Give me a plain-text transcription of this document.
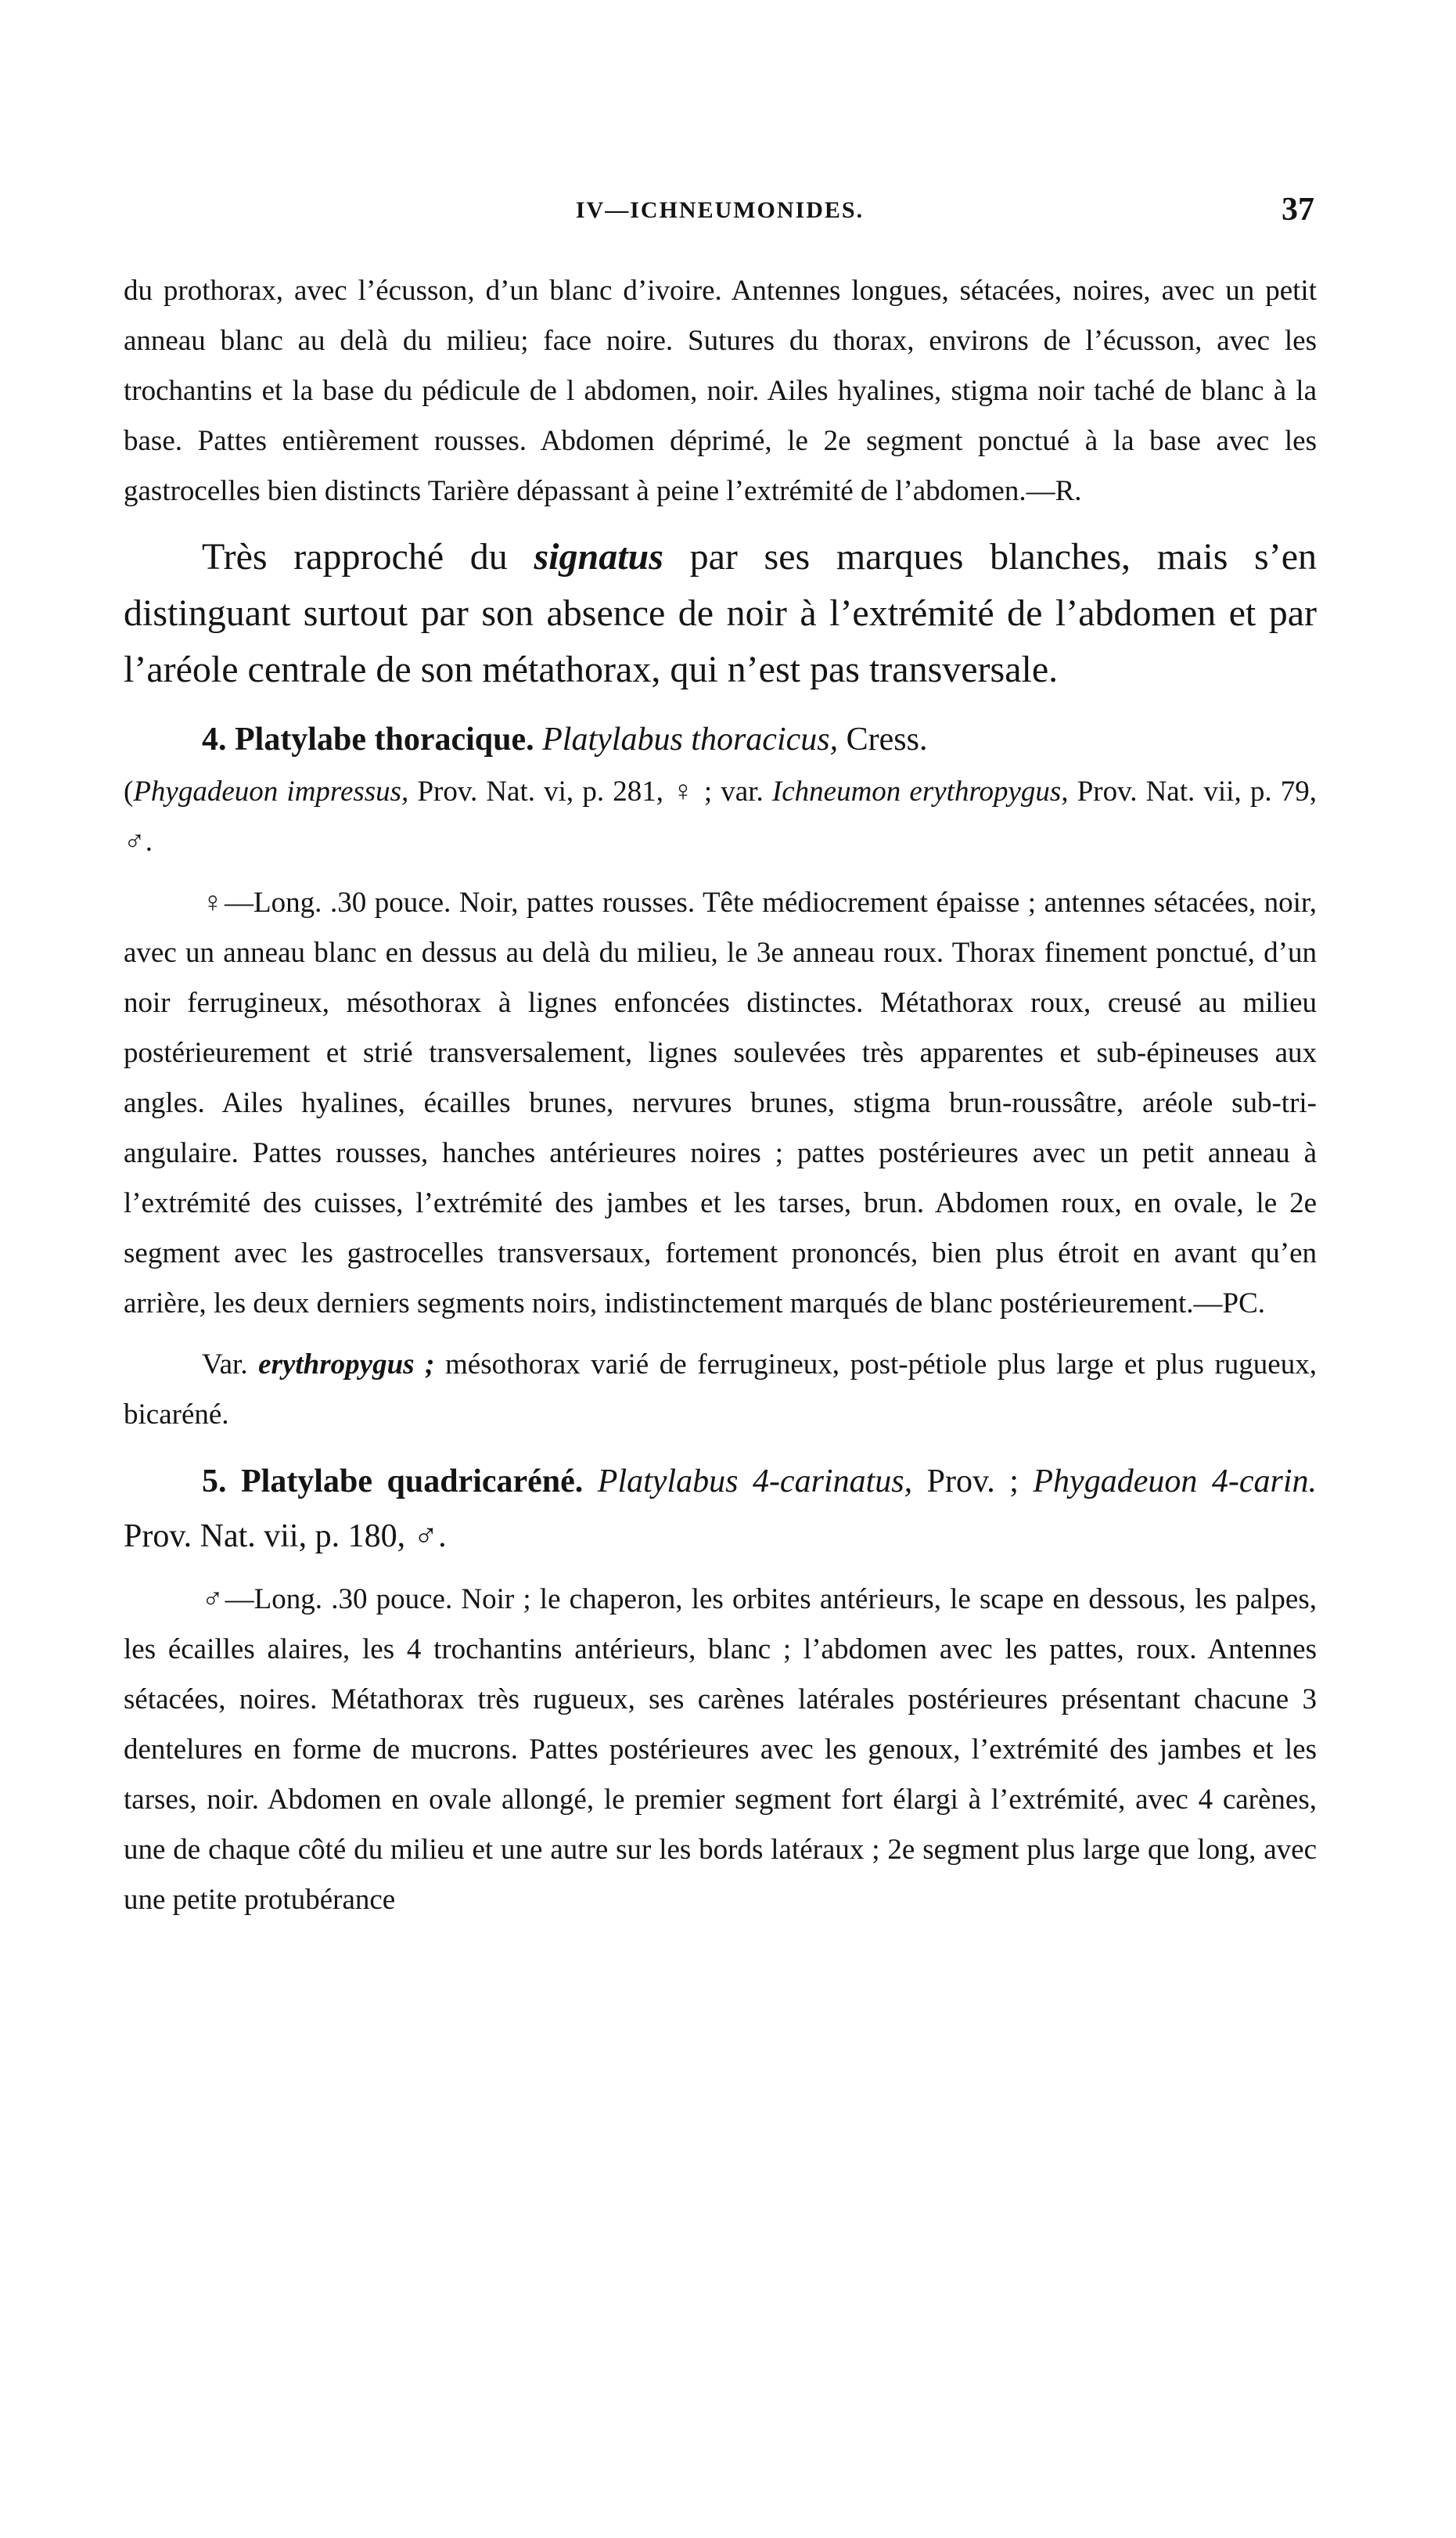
IV—ICHNEUMONIDES.	37

du prothorax, avec l’écusson, d’un blanc d’ivoire. Antennes longues, sétacées, noires, avec un petit anneau blanc au delà du milieu; face noire. Sutures du thorax, environs de l’écusson, avec les trochantins et la base du pédicule de l abdomen, noir. Ailes hyalines, stigma noir taché de blanc à la base. Pattes entièrement rousses. Abdomen déprimé, le 2e segment ponctué à la base avec les gastrocelles bien distincts Tarière dépassant à peine l’extrémité de l’abdomen.—R.

Très rapproché du signatus par ses marques blanches, mais s’en distinguant surtout par son absence de noir à l’extrémité de l’abdomen et par l’aréole centrale de son métathorax, qui n’est pas transversale.

4. Platylabe thoracique. Platylabus thoracicus, Cress.

(Phygadeuon impressus, Prov. Nat. vi, p. 281, ♀ ; var. Ichneumon erythropygus, Prov. Nat. vii, p. 79, ♂.

♀—Long. .30 pouce. Noir, pattes rousses. Tête médiocrement épaisse ; antennes sétacées, noir, avec un anneau blanc en dessus au delà du milieu, le 3e anneau roux. Thorax finement ponctué, d’un noir ferrugineux, mésothorax à lignes enfoncées distinctes. Métathorax roux, creusé au milieu postérieurement et strié transversalement, lignes soulevées très apparentes et sub-épineuses aux angles. Ailes hyalines, écailles brunes, nervures brunes, stigma brun-roussâtre, aréole sub-tri-angulaire. Pattes rousses, hanches antérieures noires ; pattes postérieures avec un petit anneau à l’extrémité des cuisses, l’extrémité des jambes et les tarses, brun. Abdomen roux, en ovale, le 2e segment avec les gastrocelles transversaux, fortement prononcés, bien plus étroit en avant qu’en arrière, les deux derniers segments noirs, indistinctement marqués de blanc postérieurement.—PC.

Var. erythropygus ; mésothorax varié de ferrugineux, post-pétiole plus large et plus rugueux, bicaréné.

5. Platylabe quadricaréné. Platylabus 4-carinatus, Prov. ; Phygadeuon 4-carin. Prov. Nat. vii, p. 180, ♂.

♂—Long. .30 pouce. Noir ; le chaperon, les orbites antérieurs, le scape en dessous, les palpes, les écailles alaires, les 4 trochantins antérieurs, blanc ; l’abdomen avec les pattes, roux. Antennes sétacées, noires. Métathorax très rugueux, ses carènes latérales postérieures présentant chacune 3 dentelures en forme de mucrons. Pattes postérieures avec les genoux, l’extrémité des jambes et les tarses, noir. Abdomen en ovale allongé, le premier segment fort élargi à l’extrémité, avec 4 carènes, une de chaque côté du milieu et une autre sur les bords latéraux ; 2e segment plus large que long, avec une petite protubérance
